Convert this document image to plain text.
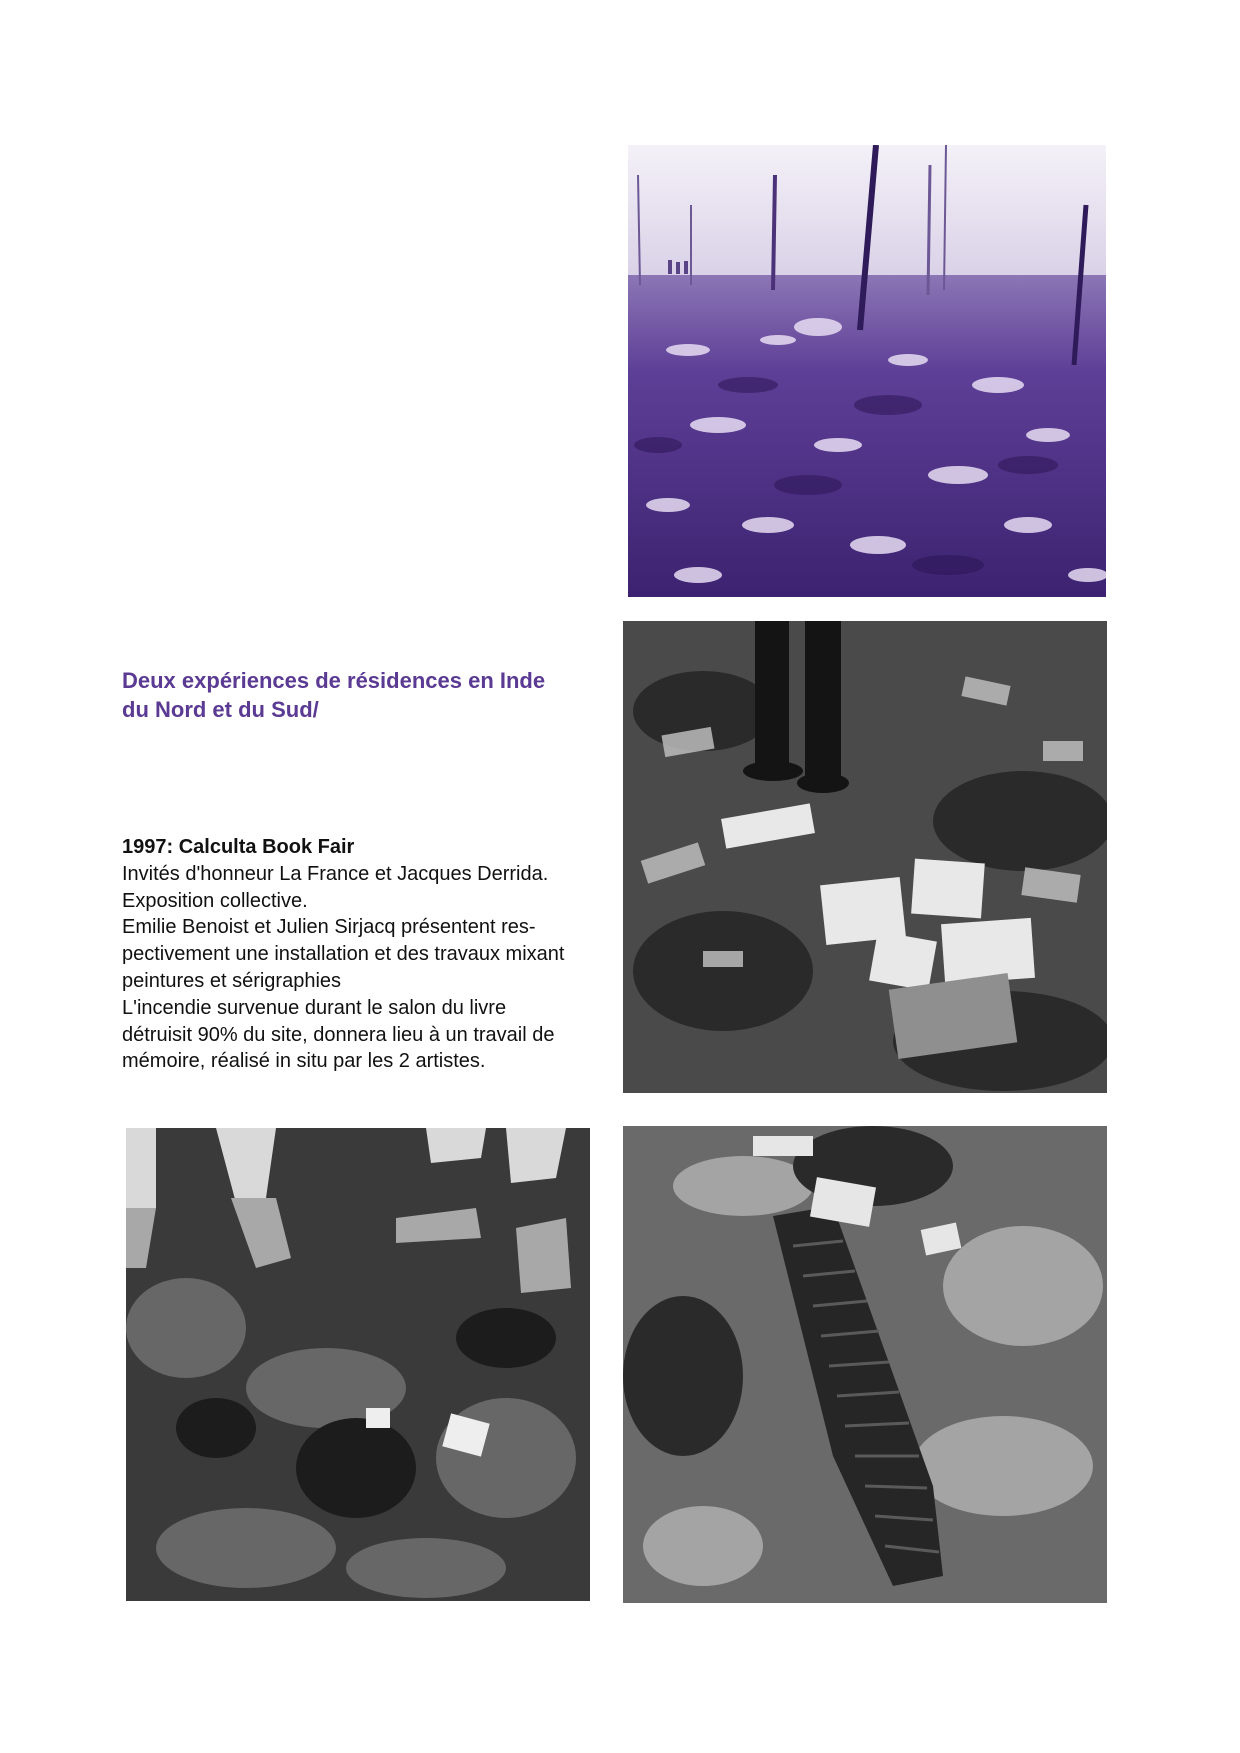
Deux expériences de résidences en Inde
du Nord et du Sud/
1997: Calculta Book Fair
Invités d'honneur La France et Jacques Derrida.
Exposition collective.
Emilie Benoist et Julien Sirjacq présentent res-
pectivement une installation et des travaux mixant
peintures et sérigraphies
L'incendie survenue durant le salon du livre
détruisit 90% du site, donnera lieu à un travail de
mémoire, réalisé in situ par les 2 artistes.
